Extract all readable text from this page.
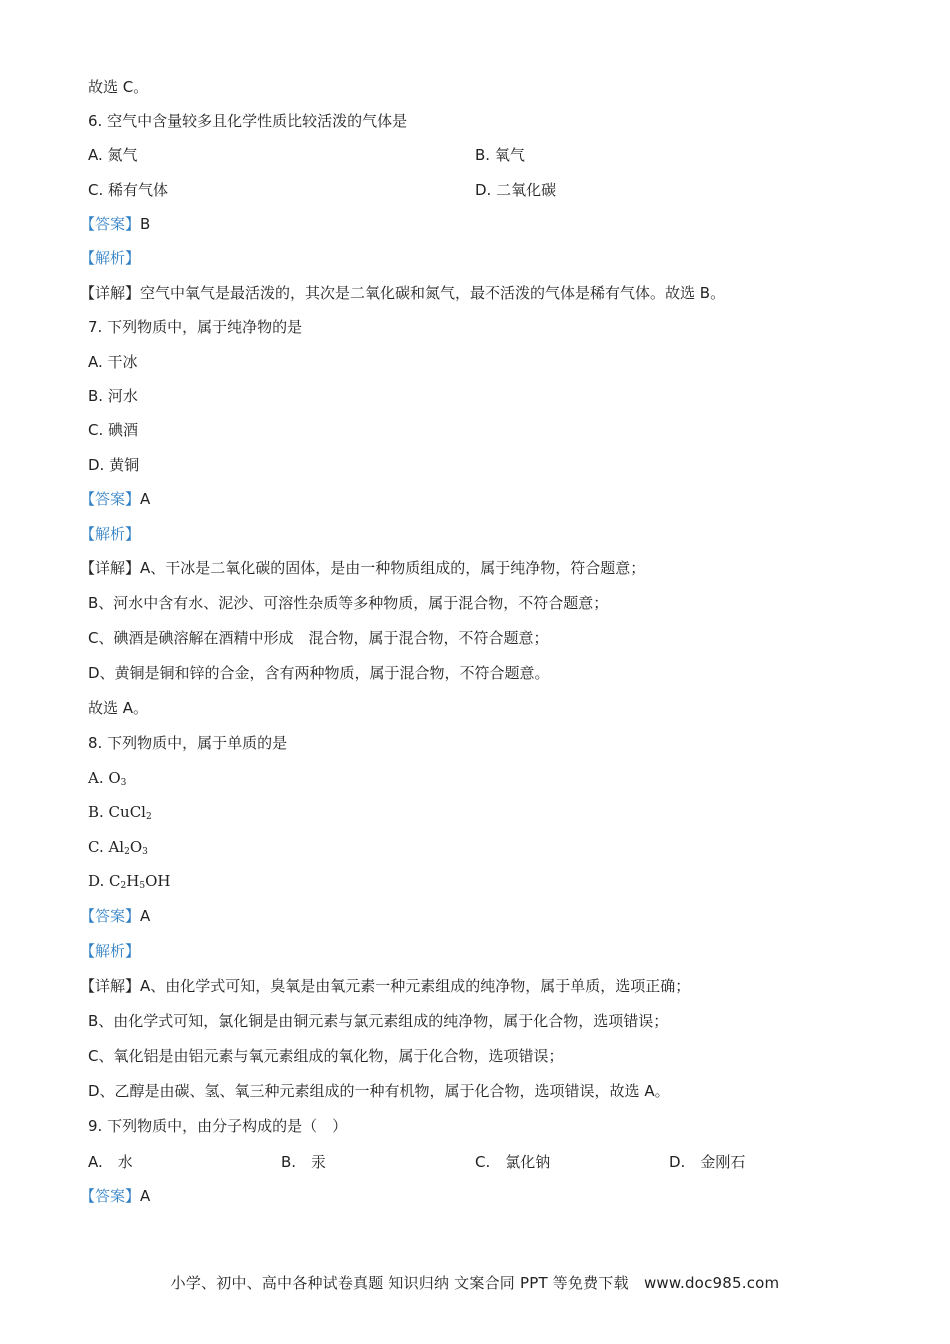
故选 C。
6. 空气中含量较多且化学性质比较活泼的气体是
A. 氮气	B. 氧气
C. 稀有气体	D. 二氧化碳
【答案】B
【解析】
【详解】空气中氧气是最活泼的，其次是二氧化碳和氮气，最不活泼的气体是稀有气体。故选 B。
7. 下列物质中，属于纯净物的是
A. 干冰
B. 河水
C. 碘酒
D. 黄铜
【答案】A
【解析】
【详解】A、干冰是二氧化碳的固体，是由一种物质组成的，属于纯净物，符合题意；
B、河水中含有水、泥沙、可溶性杂质等多种物质，属于混合物，不符合题意；
C、碘酒是碘溶解在酒精中形成　混合物，属于混合物，不符合题意；
D、黄铜是铜和锌的合金，含有两种物质，属于混合物，不符合题意。
故选 A。
8. 下列物质中，属于单质的是
A. $O_3$
B. CuCl$_2$
C. $Al_2O_3$
D. $C_2H_5OH$
【答案】A
【解析】
【详解】A、由化学式可知，臭氧是由氧元素一种元素组成的纯净物，属于单质，选项正确；
B、由化学式可知，氯化铜是由铜元素与氯元素组成的纯净物，属于化合物，选项错误；
C、氧化铝是由铝元素与氧元素组成的氧化物，属于化合物，选项错误；
D、乙醇是由碳、氢、氧三种元素组成的一种有机物，属于化合物，选项错误，故选 A。
9. 下列物质中，由分子构成的是（　）
A.　水	B.　汞	C.　氯化钠	D.　金刚石
【答案】A
小学、初中、高中各种试卷真题 知识归纳 文案合同 PPT 等免费下载　www.doc985.com
